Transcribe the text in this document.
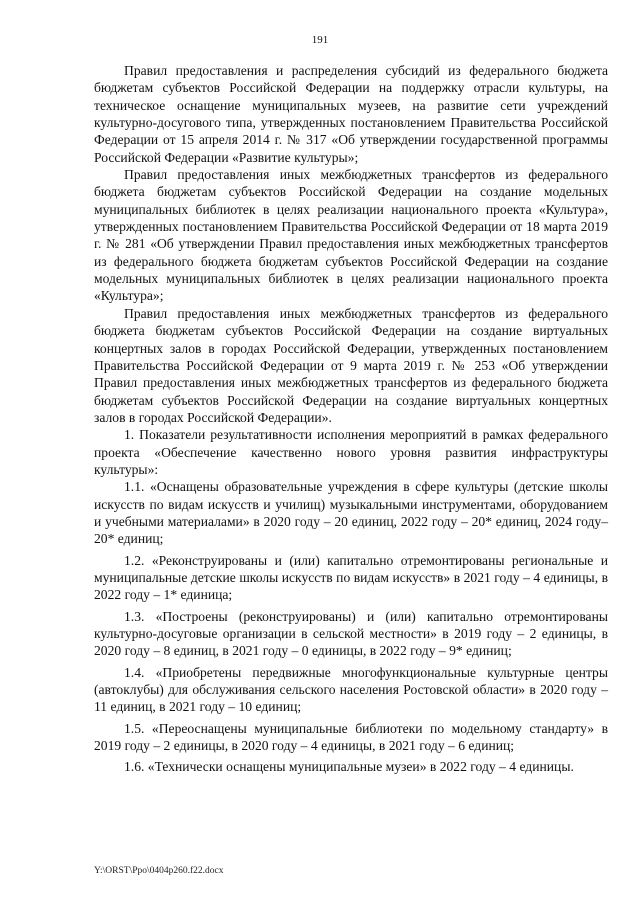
191

Правил предоставления и распределения субсидий из федерального бюджета бюджетам субъектов Российской Федерации на поддержку отрасли культуры, на техническое оснащение муниципальных музеев, на развитие сети учреждений культурно-досугового типа, утвержденных постановлением Правительства Российской Федерации от 15 апреля 2014 г. № 317 «Об утверждении государственной программы Российской Федерации «Развитие культуры»;

Правил предоставления иных межбюджетных трансфертов из федерального бюджета бюджетам субъектов Российской Федерации на создание модельных муниципальных библиотек в целях реализации национального проекта «Культура», утвержденных постановлением Правительства Российской Федерации от 18 марта 2019 г. № 281 «Об утверждении Правил предоставления иных межбюджетных трансфертов из федерального бюджета бюджетам субъектов Российской Федерации на создание модельных муниципальных библиотек в целях реализации национального проекта «Культура»;

Правил предоставления иных межбюджетных трансфертов из федерального бюджета бюджетам субъектов Российской Федерации на создание виртуальных концертных залов в городах Российской Федерации, утвержденных постановлением Правительства Российской Федерации от 9 марта 2019 г. № 253 «Об утверждении Правил предоставления иных межбюджетных трансфертов из федерального бюджета бюджетам субъектов Российской Федерации на создание виртуальных концертных залов в городах Российской Федерации».

1. Показатели результативности исполнения мероприятий в рамках федерального проекта «Обеспечение качественно нового уровня развития инфраструктуры культуры»:

1.1. «Оснащены образовательные учреждения в сфере культуры (детские школы искусств по видам искусств и училищ) музыкальными инструментами, оборудованием и учебными материалами» в 2020 году – 20 единиц, 2022 году – 20* единиц, 2024 году– 20* единиц;

1.2. «Реконструированы и (или) капитально отремонтированы региональные и муниципальные детские школы искусств по видам искусств» в 2021 году – 4 единицы, в 2022 году – 1* единица;

1.3. «Построены (реконструированы) и (или) капитально отремонтированы культурно-досуговые организации в сельской местности» в 2019 году – 2 единицы, в 2020 году – 8 единиц, в 2021 году – 0 единицы, в 2022 году – 9* единиц;

1.4. «Приобретены передвижные многофункциональные культурные центры (автоклубы) для обслуживания сельского населения Ростовской области» в 2020 году – 11 единиц, в 2021 году – 10 единиц;

1.5. «Переоснащены муниципальные библиотеки по модельному стандарту» в 2019 году – 2 единицы, в 2020 году – 4 единицы, в 2021 году – 6 единиц;

1.6. «Технически оснащены муниципальные музеи» в 2022 году – 4 единицы.

Y:\ORST\Ppo\0404p260.f22.docx
